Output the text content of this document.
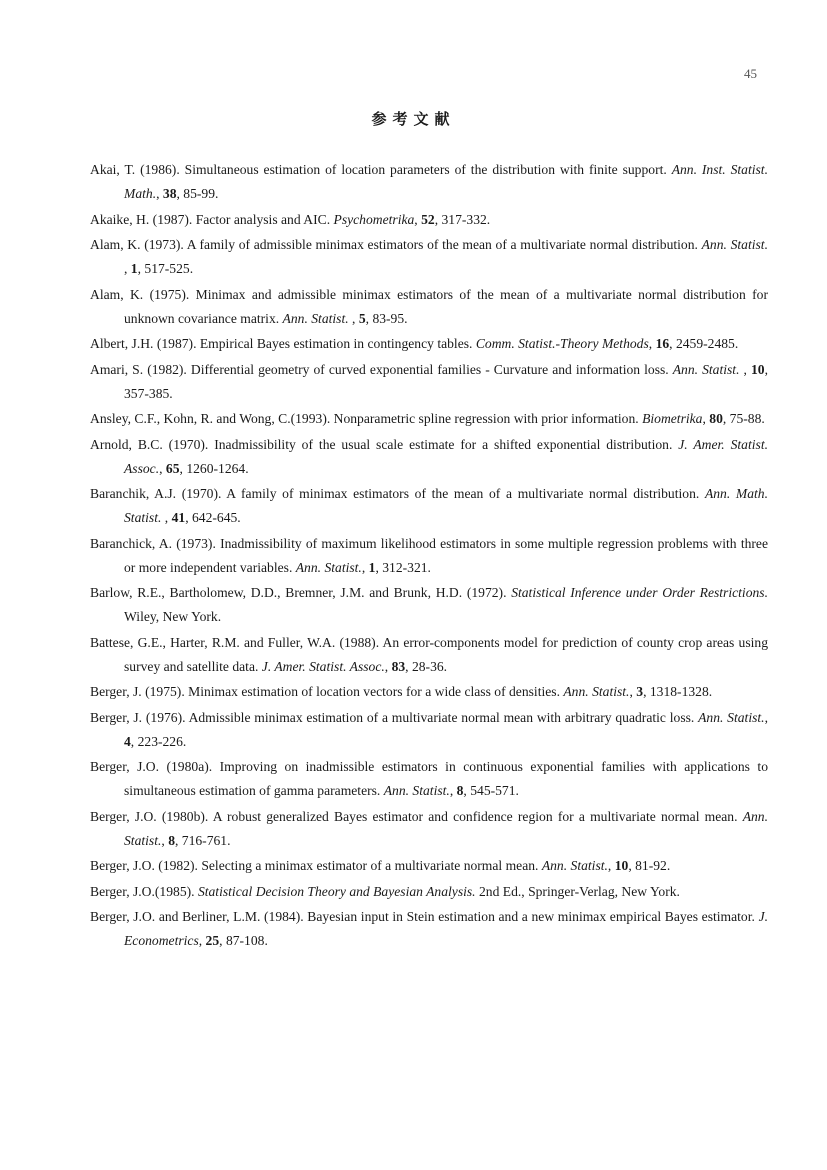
45
参考文献
Akai, T. (1986). Simultaneous estimation of location parameters of the distribution with finite support. Ann. Inst. Statist. Math., 38, 85-99.
Akaike, H. (1987). Factor analysis and AIC. Psychometrika, 52, 317-332.
Alam, K. (1973). A family of admissible minimax estimators of the mean of a multivariate normal distribution. Ann. Statist. , 1, 517-525.
Alam, K. (1975). Minimax and admissible minimax estimators of the mean of a multivariate normal distribution for unknown covariance matrix. Ann. Statist. , 5, 83-95.
Albert, J.H. (1987). Empirical Bayes estimation in contingency tables. Comm. Statist.-Theory Methods, 16, 2459-2485.
Amari, S. (1982). Differential geometry of curved exponential families - Curvature and information loss. Ann. Statist. , 10, 357-385.
Ansley, C.F., Kohn, R. and Wong, C.(1993). Nonparametric spline regression with prior information. Biometrika, 80, 75-88.
Arnold, B.C. (1970). Inadmissibility of the usual scale estimate for a shifted exponential distribution. J. Amer. Statist. Assoc., 65, 1260-1264.
Baranchik, A.J. (1970). A family of minimax estimators of the mean of a multivariate normal distribution. Ann. Math. Statist. , 41, 642-645.
Baranchick, A. (1973). Inadmissibility of maximum likelihood estimators in some multiple regression problems with three or more independent variables. Ann. Statist., 1, 312-321.
Barlow, R.E., Bartholomew, D.D., Bremner, J.M. and Brunk, H.D. (1972). Statistical Inference under Order Restrictions. Wiley, New York.
Battese, G.E., Harter, R.M. and Fuller, W.A. (1988). An error-components model for prediction of county crop areas using survey and satellite data. J. Amer. Statist. Assoc., 83, 28-36.
Berger, J. (1975). Minimax estimation of location vectors for a wide class of densities. Ann. Statist., 3, 1318-1328.
Berger, J. (1976). Admissible minimax estimation of a multivariate normal mean with arbitrary quadratic loss. Ann. Statist., 4, 223-226.
Berger, J.O. (1980a). Improving on inadmissible estimators in continuous exponential families with applications to simultaneous estimation of gamma parameters. Ann. Statist., 8, 545-571.
Berger, J.O. (1980b). A robust generalized Bayes estimator and confidence region for a multivariate normal mean. Ann. Statist., 8, 716-761.
Berger, J.O. (1982). Selecting a minimax estimator of a multivariate normal mean. Ann. Statist., 10, 81-92.
Berger, J.O.(1985). Statistical Decision Theory and Bayesian Analysis. 2nd Ed., Springer-Verlag, New York.
Berger, J.O. and Berliner, L.M. (1984). Bayesian input in Stein estimation and a new minimax empirical Bayes estimator. J. Econometrics, 25, 87-108.
